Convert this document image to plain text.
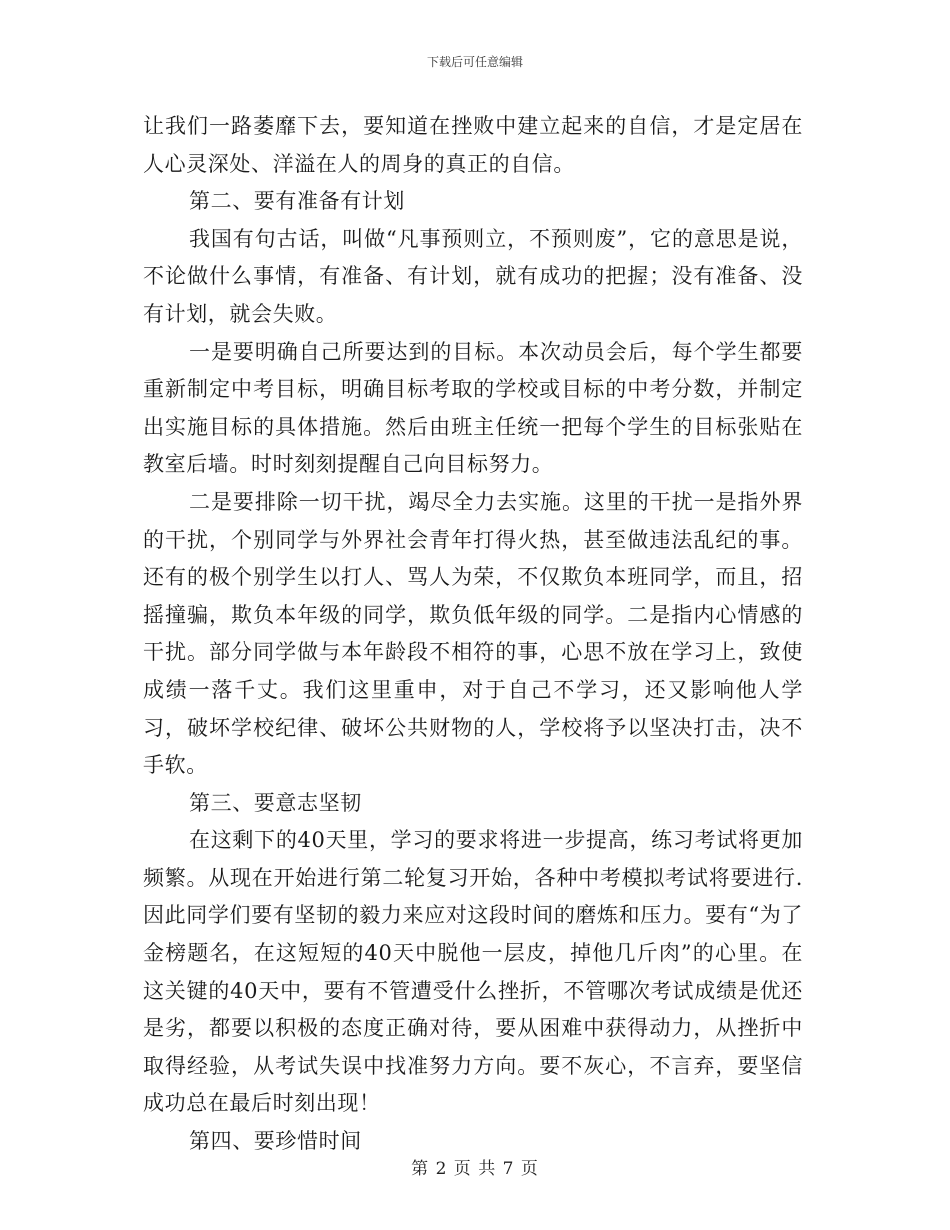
下载后可任意编辑

让我们一路萎靡下去，要知道在挫败中建立起来的自信，才是定居在人心灵深处、洋溢在人的周身的真正的自信。

第二、要有准备有计划

我国有句古话，叫做“凡事预则立，不预则废”，它的意思是说，不论做什么事情，有准备、有计划，就有成功的把握；没有准备、没有计划，就会失败。

一是要明确自己所要达到的目标。本次动员会后，每个学生都要重新制定中考目标，明确目标考取的学校或目标的中考分数，并制定出实施目标的具体措施。然后由班主任统一把每个学生的目标张贴在教室后墙。时时刻刻提醒自己向目标努力。

二是要排除一切干扰，竭尽全力去实施。这里的干扰一是指外界的干扰，个别同学与外界社会青年打得火热，甚至做违法乱纪的事。还有的极个别学生以打人、骂人为荣，不仅欺负本班同学，而且，招摇撞骗，欺负本年级的同学，欺负低年级的同学。二是指内心情感的干扰。部分同学做与本年龄段不相符的事，心思不放在学习上，致使成绩一落千丈。我们这里重申，对于自己不学习，还又影响他人学习，破坏学校纪律、破坏公共财物的人，学校将予以坚决打击，决不手软。

第三、要意志坚韧

在这剩下的40天里，学习的要求将进一步提高，练习考试将更加频繁。从现在开始进行第二轮复习开始，各种中考模拟考试将要进行.因此同学们要有坚韧的毅力来应对这段时间的磨炼和压力。要有“为了金榜题名，在这短短的40天中脱他一层皮，掉他几斤肉”的心里。在这关键的40天中，要有不管遭受什么挫折，不管哪次考试成绩是优还是劣，都要以积极的态度正确对待，要从困难中获得动力，从挫折中取得经验，从考试失误中找准努力方向。要不灰心，不言弃，要坚信成功总在最后时刻出现！

第四、要珍惜时间

第 2 页 共 7 页
